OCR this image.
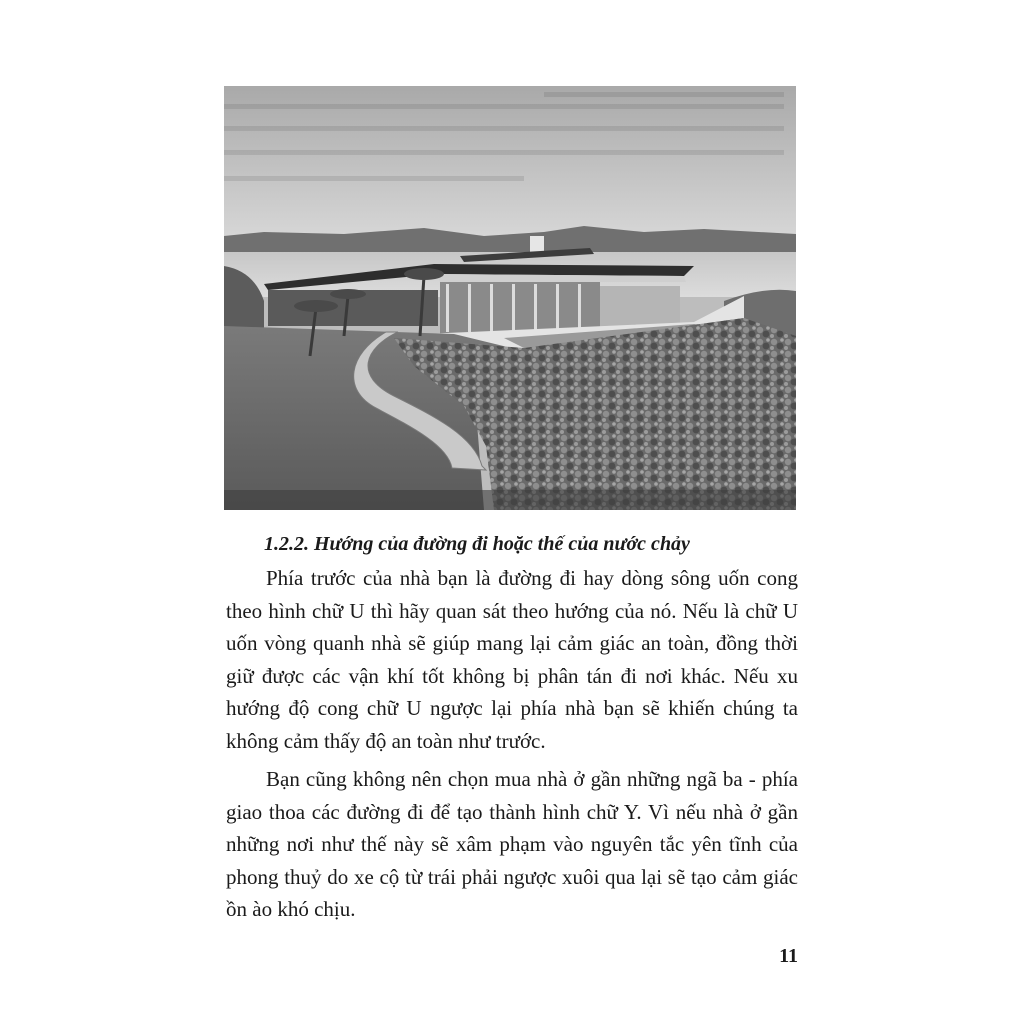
1.2.2. Hướng của đường đi hoặc thế của nước chảy

Phía trước của nhà bạn là đường đi hay dòng sông uốn cong theo hình chữ U thì hãy quan sát theo hướng của nó. Nếu là chữ U uốn vòng quanh nhà sẽ giúp mang lại cảm giác an toàn, đồng thời giữ được các vận khí tốt không bị phân tán đi nơi khác. Nếu xu hướng độ cong chữ U ngược lại phía nhà bạn sẽ khiến chúng ta không cảm thấy độ an toàn như trước.

Bạn cũng không nên chọn mua nhà ở gần những ngã ba - phía giao thoa các đường đi để tạo thành hình chữ Y. Vì nếu nhà ở gần những nơi như thế này sẽ xâm phạm vào nguyên tắc yên tĩnh của phong thuỷ do xe cộ từ trái phải ngược xuôi qua lại sẽ tạo cảm giác ồn ào khó chịu.

11
